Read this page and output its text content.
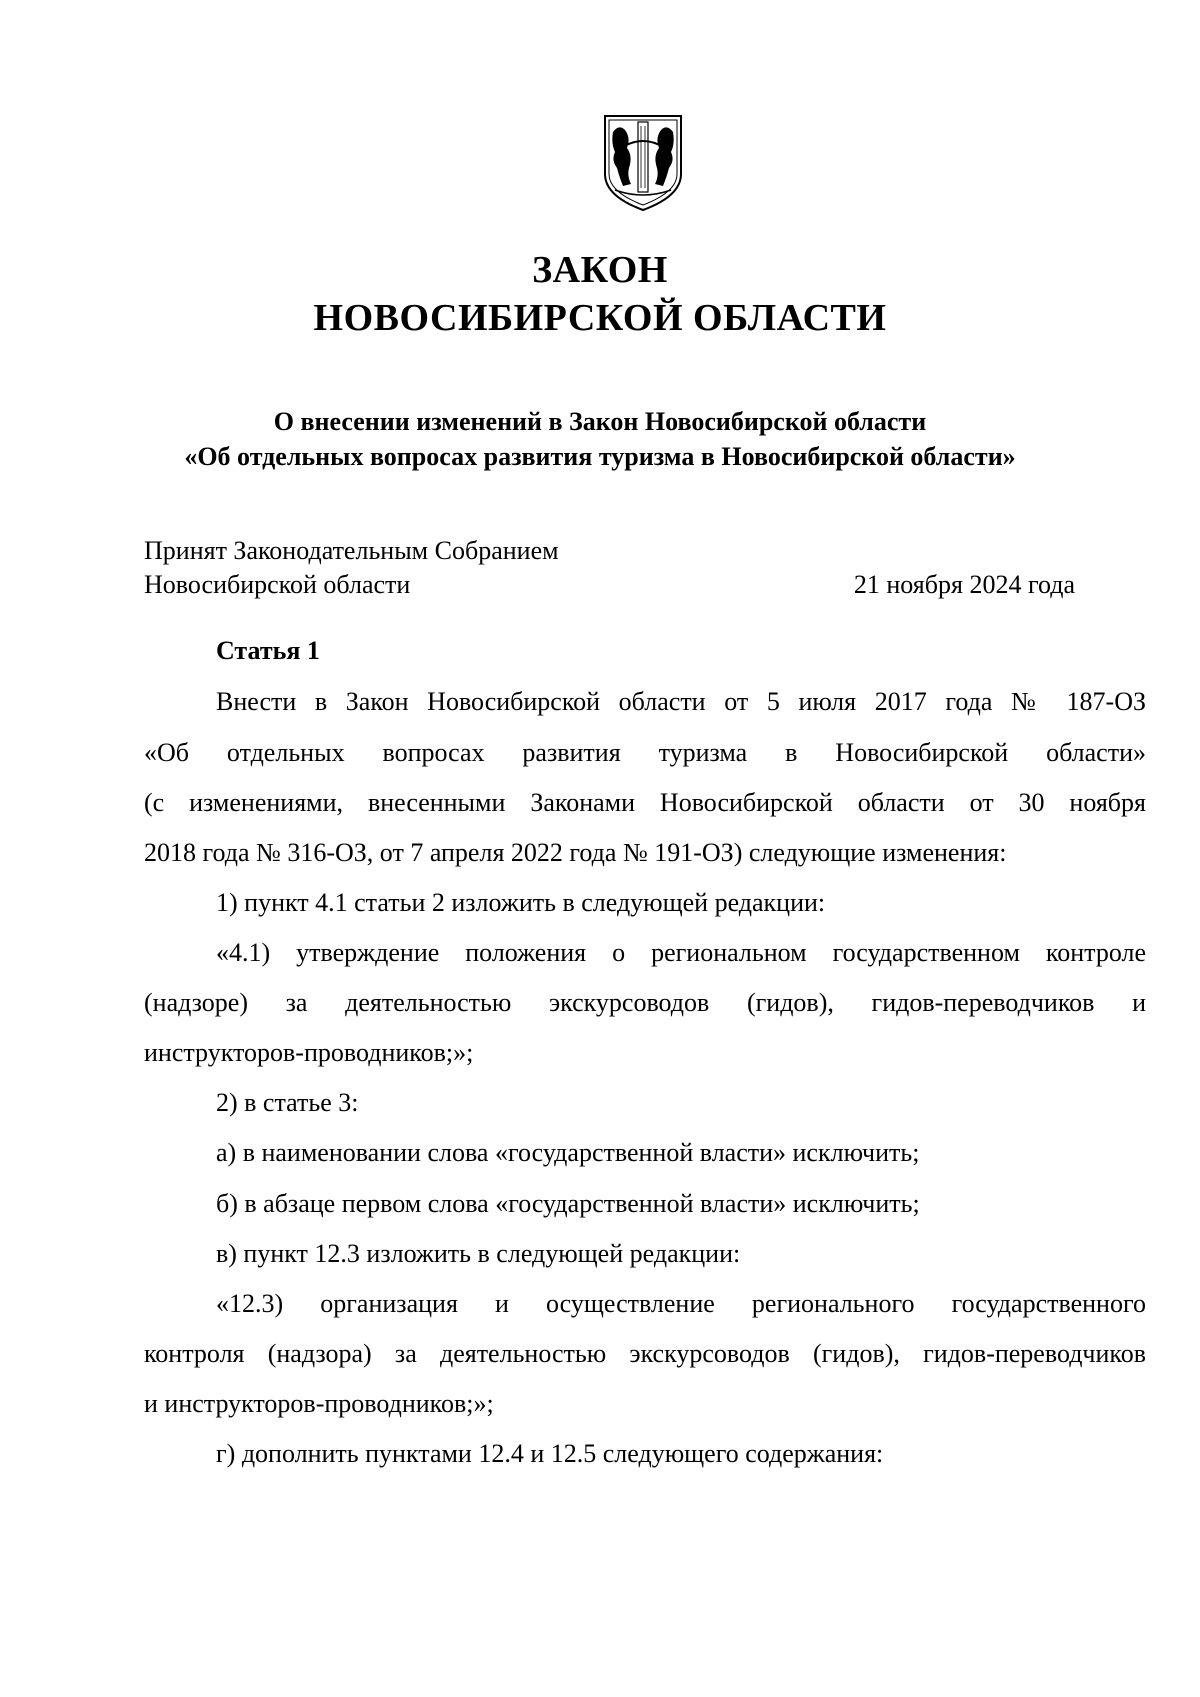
ЗАКОН
НОВОСИБИРСКОЙ ОБЛАСТИ
О внесении изменений в Закон Новосибирской области
«Об отдельных вопросах развития туризма в Новосибирской области»
Принят Законодательным Собранием
Новосибирской области	21 ноября 2024 года
Статья 1
Внести в Закон Новосибирской области от 5 июля 2017 года № 187-ОЗ
«Об отдельных вопросах развития туризма в Новосибирской области»
(с изменениями, внесенными Законами Новосибирской области от 30 ноября
2018 года № 316-ОЗ, от 7 апреля 2022 года № 191-ОЗ) следующие изменения:
1) пункт 4.1 статьи 2 изложить в следующей редакции:
«4.1) утверждение положения о региональном государственном контроле
(надзоре) за деятельностью экскурсоводов (гидов), гидов-переводчиков и
инструкторов-проводников;»;
2) в статье 3:
а) в наименовании слова «государственной власти» исключить;
б) в абзаце первом слова «государственной власти» исключить;
в) пункт 12.3 изложить в следующей редакции:
«12.3) организация и осуществление регионального государственного
контроля (надзора) за деятельностью экскурсоводов (гидов), гидов-переводчиков
и инструкторов-проводников;»;
г) дополнить пунктами 12.4 и 12.5 следующего содержания:
